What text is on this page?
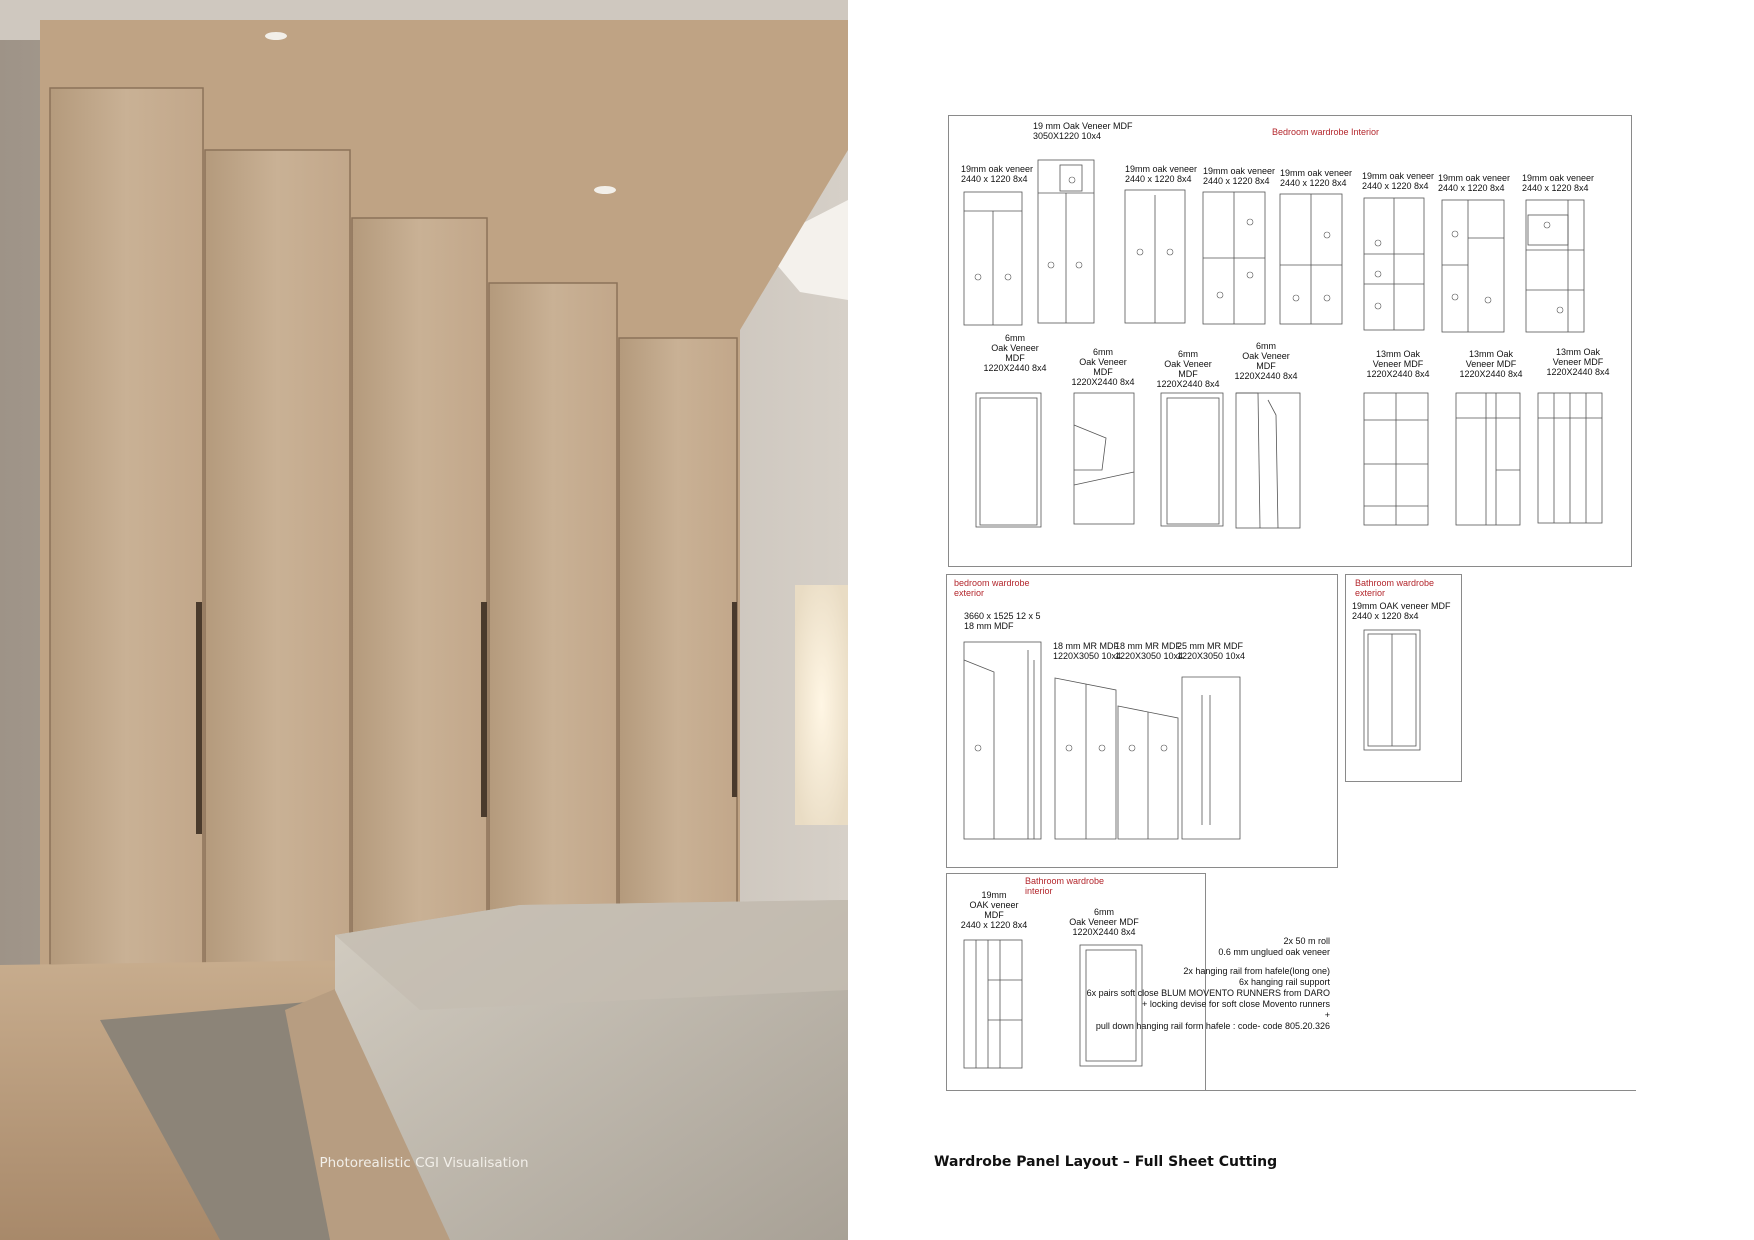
Photorealistic CGI Visualisation
Bedroom wardrobe Interior
bedroom wardrobe
exterior
Bathroom wardrobe
exterior
Bathroom wardrobe
interior
19mm oak veneer
2440 x 1220 8x4
19 mm Oak Veneer MDF
3050X1220 10x4
19mm oak veneer
2440 x 1220 8x4
19mm oak veneer
2440 x 1220 8x4
19mm oak veneer
2440 x 1220 8x4
19mm oak veneer
2440 x 1220 8x4
19mm oak veneer
2440 x 1220 8x4
19mm oak veneer
2440 x 1220 8x4
6mm
Oak Veneer
MDF
1220X2440 8x4
6mm
Oak Veneer
MDF
1220X2440 8x4
6mm
Oak Veneer
MDF
1220X2440 8x4
6mm
Oak Veneer
MDF
1220X2440 8x4
13mm Oak
Veneer MDF
1220X2440 8x4
13mm Oak
Veneer MDF
1220X2440 8x4
13mm Oak
Veneer MDF
1220X2440 8x4
3660 x 1525 12 x 5
18 mm MDF
18 mm MR MDF
1220X3050 10x4
18 mm MR MDF
1220X3050 10x4
25 mm MR MDF
1220X3050 10x4
19mm OAK veneer MDF
2440 x 1220 8x4
19mm
OAK veneer
MDF
2440 x 1220 8x4
6mm
Oak Veneer MDF
1220X2440 8x4
2x 50 m roll
0.6 mm unglued oak veneer
2x hanging rail from hafele(long one)
6x hanging rail support
6x pairs soft close BLUM MOVENTO RUNNERS from DARO
+ locking devise for soft close Movento runners
+
pull down hanging rail form hafele : code- code 805.20.326
Wardrobe Panel Layout – Full Sheet Cutting
